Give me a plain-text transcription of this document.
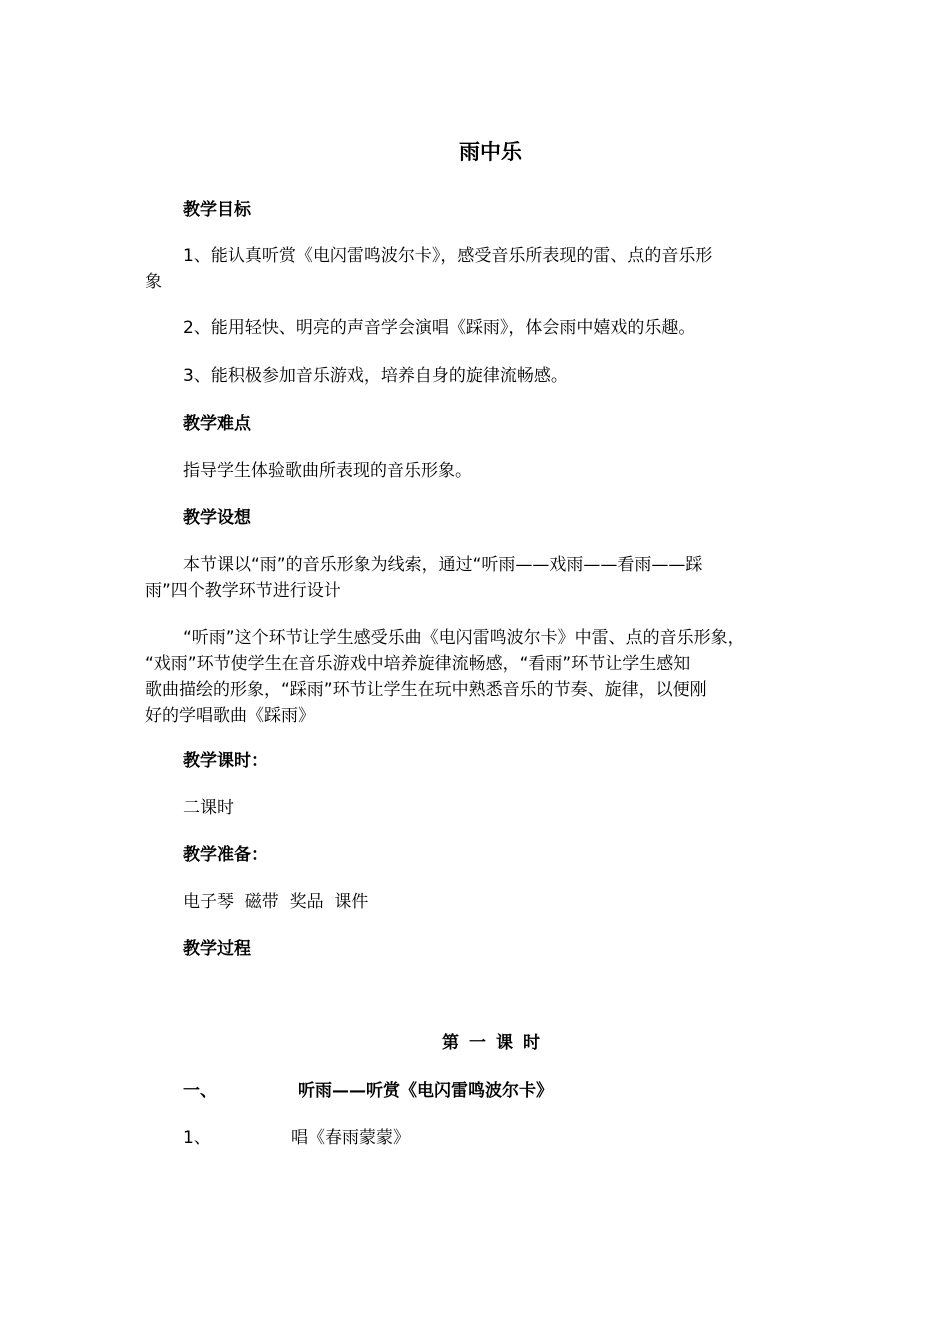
雨中乐
教学目标
1、能认真听赏《电闪雷鸣波尔卡》，感受音乐所表现的雷、点的音乐形
象
2、能用轻快、明亮的声音学会演唱《踩雨》，体会雨中嬉戏的乐趣。
3、能积极参加音乐游戏，培养自身的旋律流畅感。
教学难点
指导学生体验歌曲所表现的音乐形象。
教学设想
本节课以“雨”的音乐形象为线索，通过“听雨——戏雨——看雨——踩
雨”四个教学环节进行设计
“听雨”这个环节让学生感受乐曲《电闪雷鸣波尔卡》中雷、点的音乐形象，
“戏雨”环节使学生在音乐游戏中培养旋律流畅感，“看雨”环节让学生感知
歌曲描绘的形象，“踩雨”环节让学生在玩中熟悉音乐的节奏、旋律，以便刚
好的学唱歌曲《踩雨》
教学课时：
二课时
教学准备：
电子琴  磁带  奖品  课件
教学过程
第一课时
一、	听雨——听赏《电闪雷鸣波尔卡》
1、	唱《春雨蒙蒙》
